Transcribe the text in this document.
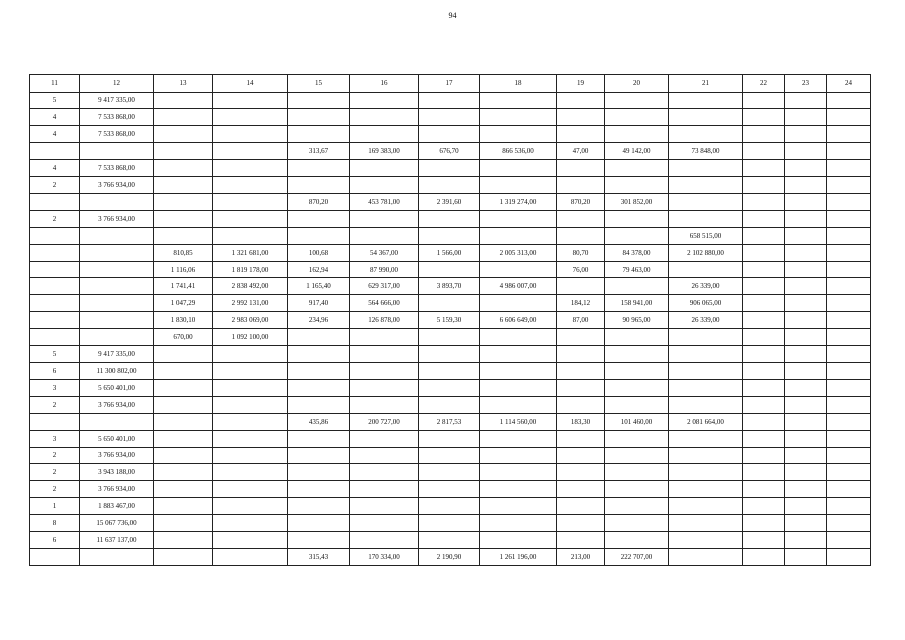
94
11	12	13	14	15	16	17	18	19	20	21	22	23	24
5	9 417 335,00												
4	7 533 868,00												
4	7 533 868,00												
				313,67	169 383,00	676,70	866 536,00	47,00	49 142,00	73 848,00			
4	7 533 868,00												
2	3 766 934,00												
				870,20	453 781,00	2 391,60	1 319 274,00	870,20	301 852,00				
2	3 766 934,00												
										658 515,00			
		810,85	1 321 681,00	100,68	54 367,00	1 566,00	2 005 313,00	80,70	84 378,00	2 102 880,00			
		1 116,06	1 819 178,00	162,94	87 990,00			76,00	79 463,00				
		1 741,41	2 838 492,00	1 165,40	629 317,00	3 893,70	4 986 007,00			26 339,00			
		1 047,29	2 992 131,00	917,40	564 666,00			184,12	158 941,00	906 065,00			
		1 830,10	2 983 069,00	234,96	126 878,00	5 159,30	6 606 649,00	87,00	90 965,00	26 339,00			
		670,00	1 092 100,00										
5	9 417 335,00												
6	11 300 802,00												
3	5 650 401,00												
2	3 766 934,00												
				435,86	200 727,00	2 817,53	1 114 560,00	183,30	101 460,00	2 081 664,00			
3	5 650 401,00												
2	3 766 934,00												
2	3 943 188,00												
2	3 766 934,00												
1	1 883 467,00												
8	15 067 736,00												
6	11 637 137,00												
				315,43	170 334,00	2 190,90	1 261 196,00	213,00	222 707,00				
